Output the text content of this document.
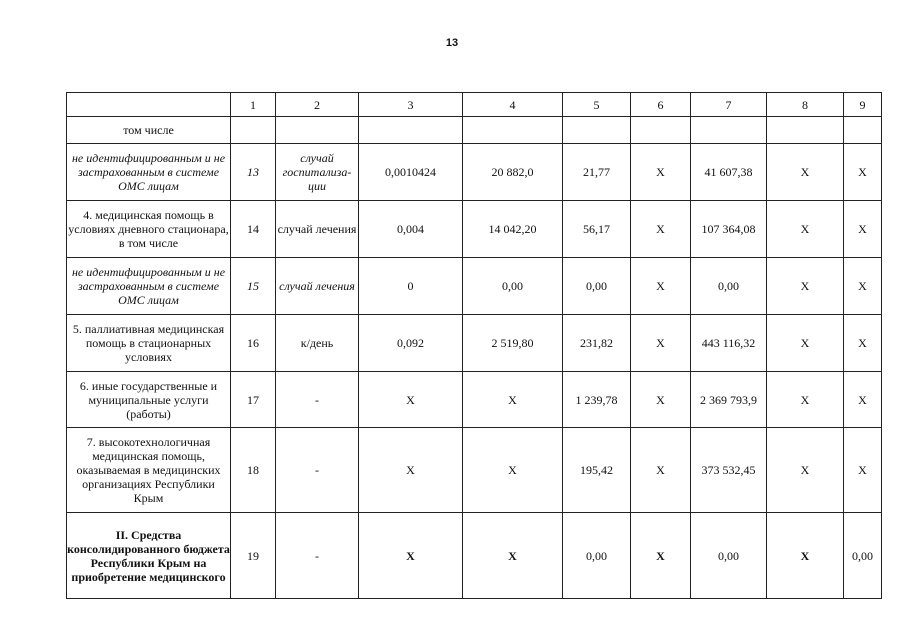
13
	1	2	3	4	5	6	7	8	9
том числе									
не идентифицированным и не застрахованным в системе ОМС лицам	13	случай госпитализа-ции	0,0010424	20 882,0	21,77	X	41 607,38	X	X
4. медицинская помощь в условиях дневного стационара, в том числе	14	случай лечения	0,004	14 042,20	56,17	X	107 364,08	X	X
не идентифицированным и не застрахованным в системе ОМС лицам	15	случай лечения	0	0,00	0,00	X	0,00	X	X
5. паллиативная медицинская помощь в стационарных условиях	16	к/день	0,092	2 519,80	231,82	X	443 116,32	X	X
6. иные государственные и муниципальные услуги (работы)	17	-	X	X	1 239,78	X	2 369 793,9	X	X
7. высокотехнологичная медицинская помощь, оказываемая в медицинских организациях Республики Крым	18	-	X	X	195,42	X	373 532,45	X	X
II. Средства консолидированного бюджета Республики Крым на приобретение медицинского	19	-	X	X	0,00	X	0,00	X	0,00
